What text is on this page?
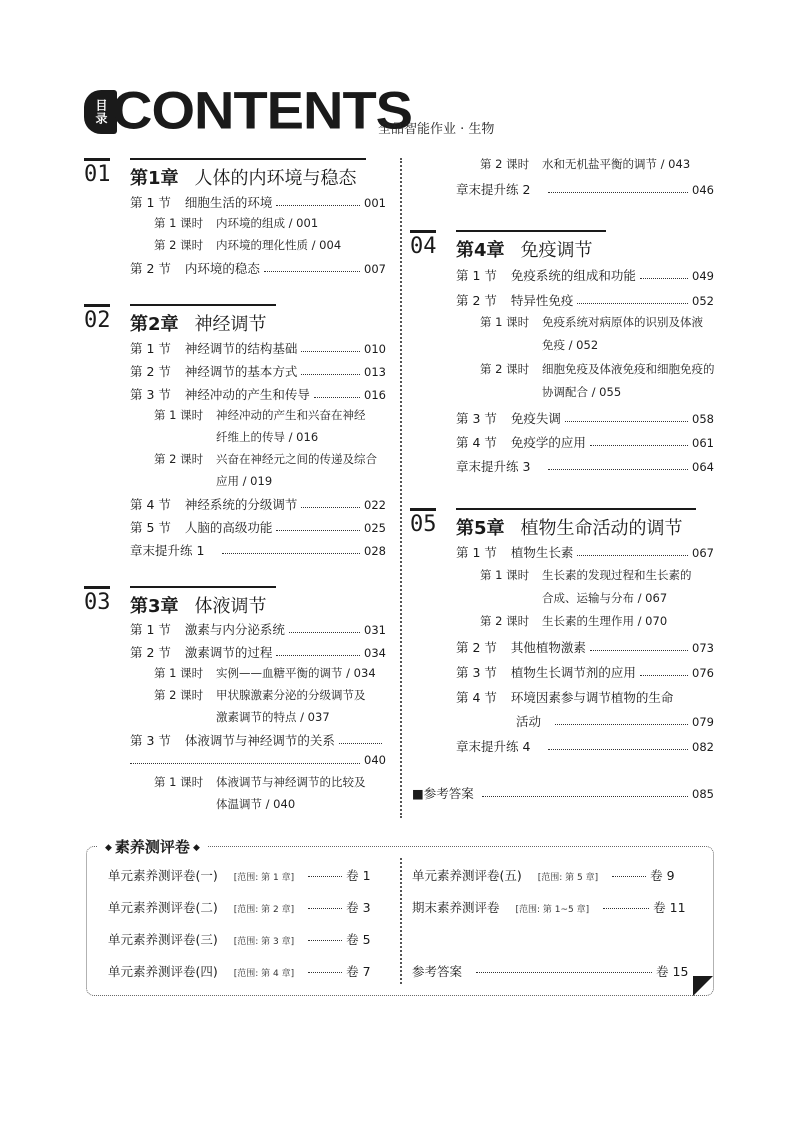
目录 CONTENTS
全品智能作业 · 生物
01 第1章 人体的内环境与稳态
第 1 节 细胞生活的环境	001
第 1 课时	内环境的组成 / 001
第 2 课时	内环境的理化性质 / 004
第 2 节 内环境的稳态	007
02 第2章 神经调节
第 1 节 神经调节的结构基础	010
第 2 节 神经调节的基本方式	013
第 3 节 神经冲动的产生和传导	016
第 1 课时	神经冲动的产生和兴奋在神经
纤维上的传导 / 016
第 2 课时	兴奋在神经元之间的传递及综合
应用 / 019
第 4 节 神经系统的分级调节	022
第 5 节 人脑的高级功能	025
章末提升练 1	028
03 第3章 体液调节
第 1 节 激素与内分泌系统	031
第 2 节 激素调节的过程	034
第 1 课时	实例——血糖平衡的调节 / 034
第 2 课时	甲状腺激素分泌的分级调节及
激素调节的特点 / 037
第 3 节 体液调节与神经调节的关系
040
第 1 课时	体液调节与神经调节的比较及
体温调节 / 040
第 2 课时	水和无机盐平衡的调节 / 043
章末提升练 2	046
04 第4章 免疫调节
第 1 节 免疫系统的组成和功能	049
第 2 节 特异性免疫	052
第 1 课时	免疫系统对病原体的识别及体液
免疫 / 052
第 2 课时	细胞免疫及体液免疫和细胞免疫的
协调配合 / 055
第 3 节 免疫失调	058
第 4 节 免疫学的应用	061
章末提升练 3	064
05 第5章 植物生命活动的调节
第 1 节 植物生长素	067
第 1 课时	生长素的发现过程和生长素的
合成、运输与分布 / 067
第 2 课时	生长素的生理作用 / 070
第 2 节 其他植物激素	073
第 3 节 植物生长调节剂的应用	076
第 4 节 环境因素参与调节植物的生命
活动	079
章末提升练 4	082
■参考答案	085
◆ 素养测评卷 ◆
单元素养测评卷(一) [范围: 第 1 章]	卷 1
单元素养测评卷(二) [范围: 第 2 章]	卷 3
单元素养测评卷(三) [范围: 第 3 章]	卷 5
单元素养测评卷(四) [范围: 第 4 章]	卷 7
单元素养测评卷(五) [范围: 第 5 章]	卷 9
期末素养测评卷 [范围: 第 1~5 章]	卷 11
参考答案	卷 15
